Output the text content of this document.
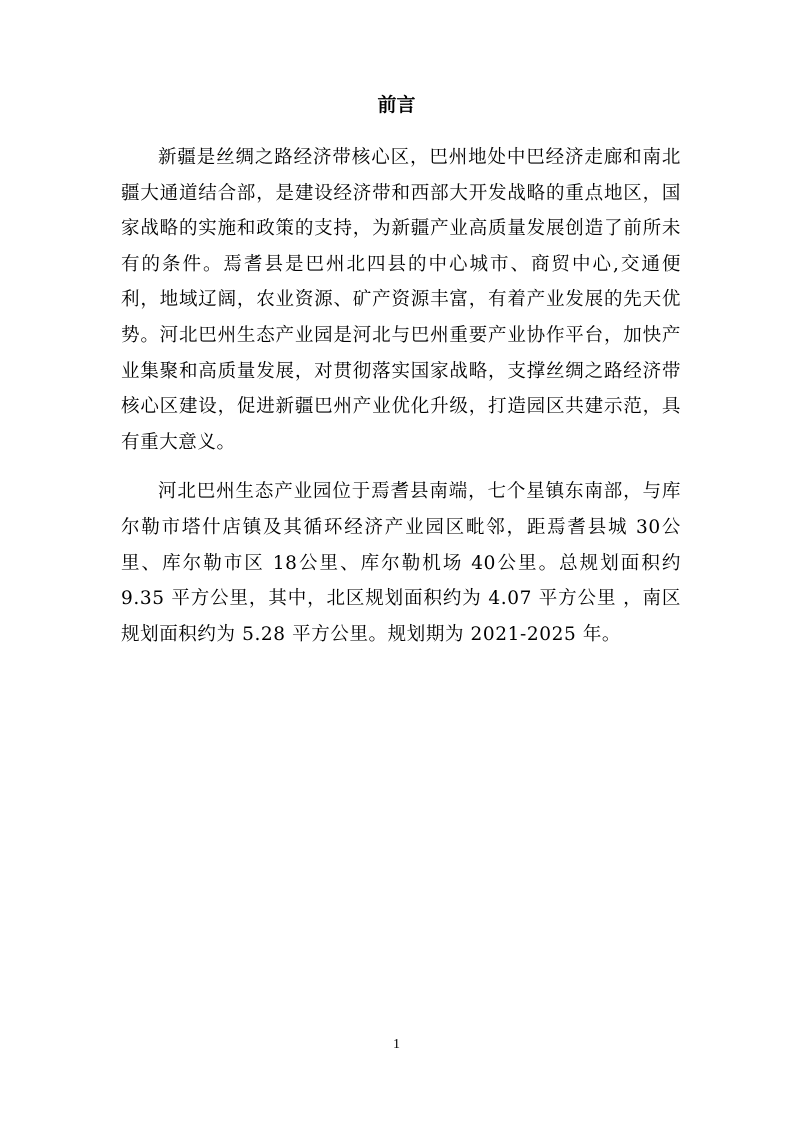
前言

新疆是丝绸之路经济带核心区，巴州地处中巴经济走廊和南北疆大通道结合部，是建设经济带和西部大开发战略的重点地区，国家战略的实施和政策的支持，为新疆产业高质量发展创造了前所未有的条件。焉耆县是巴州北四县的中心城市、商贸中心,交通便利，地域辽阔，农业资源、矿产资源丰富，有着产业发展的先天优势。河北巴州生态产业园是河北与巴州重要产业协作平台，加快产业集聚和高质量发展，对贯彻落实国家战略，支撑丝绸之路经济带核心区建设，促进新疆巴州产业优化升级，打造园区共建示范，具有重大意义。

河北巴州生态产业园位于焉耆县南端，七个星镇东南部，与库尔勒市塔什店镇及其循环经济产业园区毗邻，距焉耆县城 30公里、库尔勒市区 18公里、库尔勒机场 40公里。总规划面积约 9.35 平方公里，其中，北区规划面积约为 4.07 平方公里 ，南区规划面积约为 5.28 平方公里。规划期为 2021-2025 年。

1
